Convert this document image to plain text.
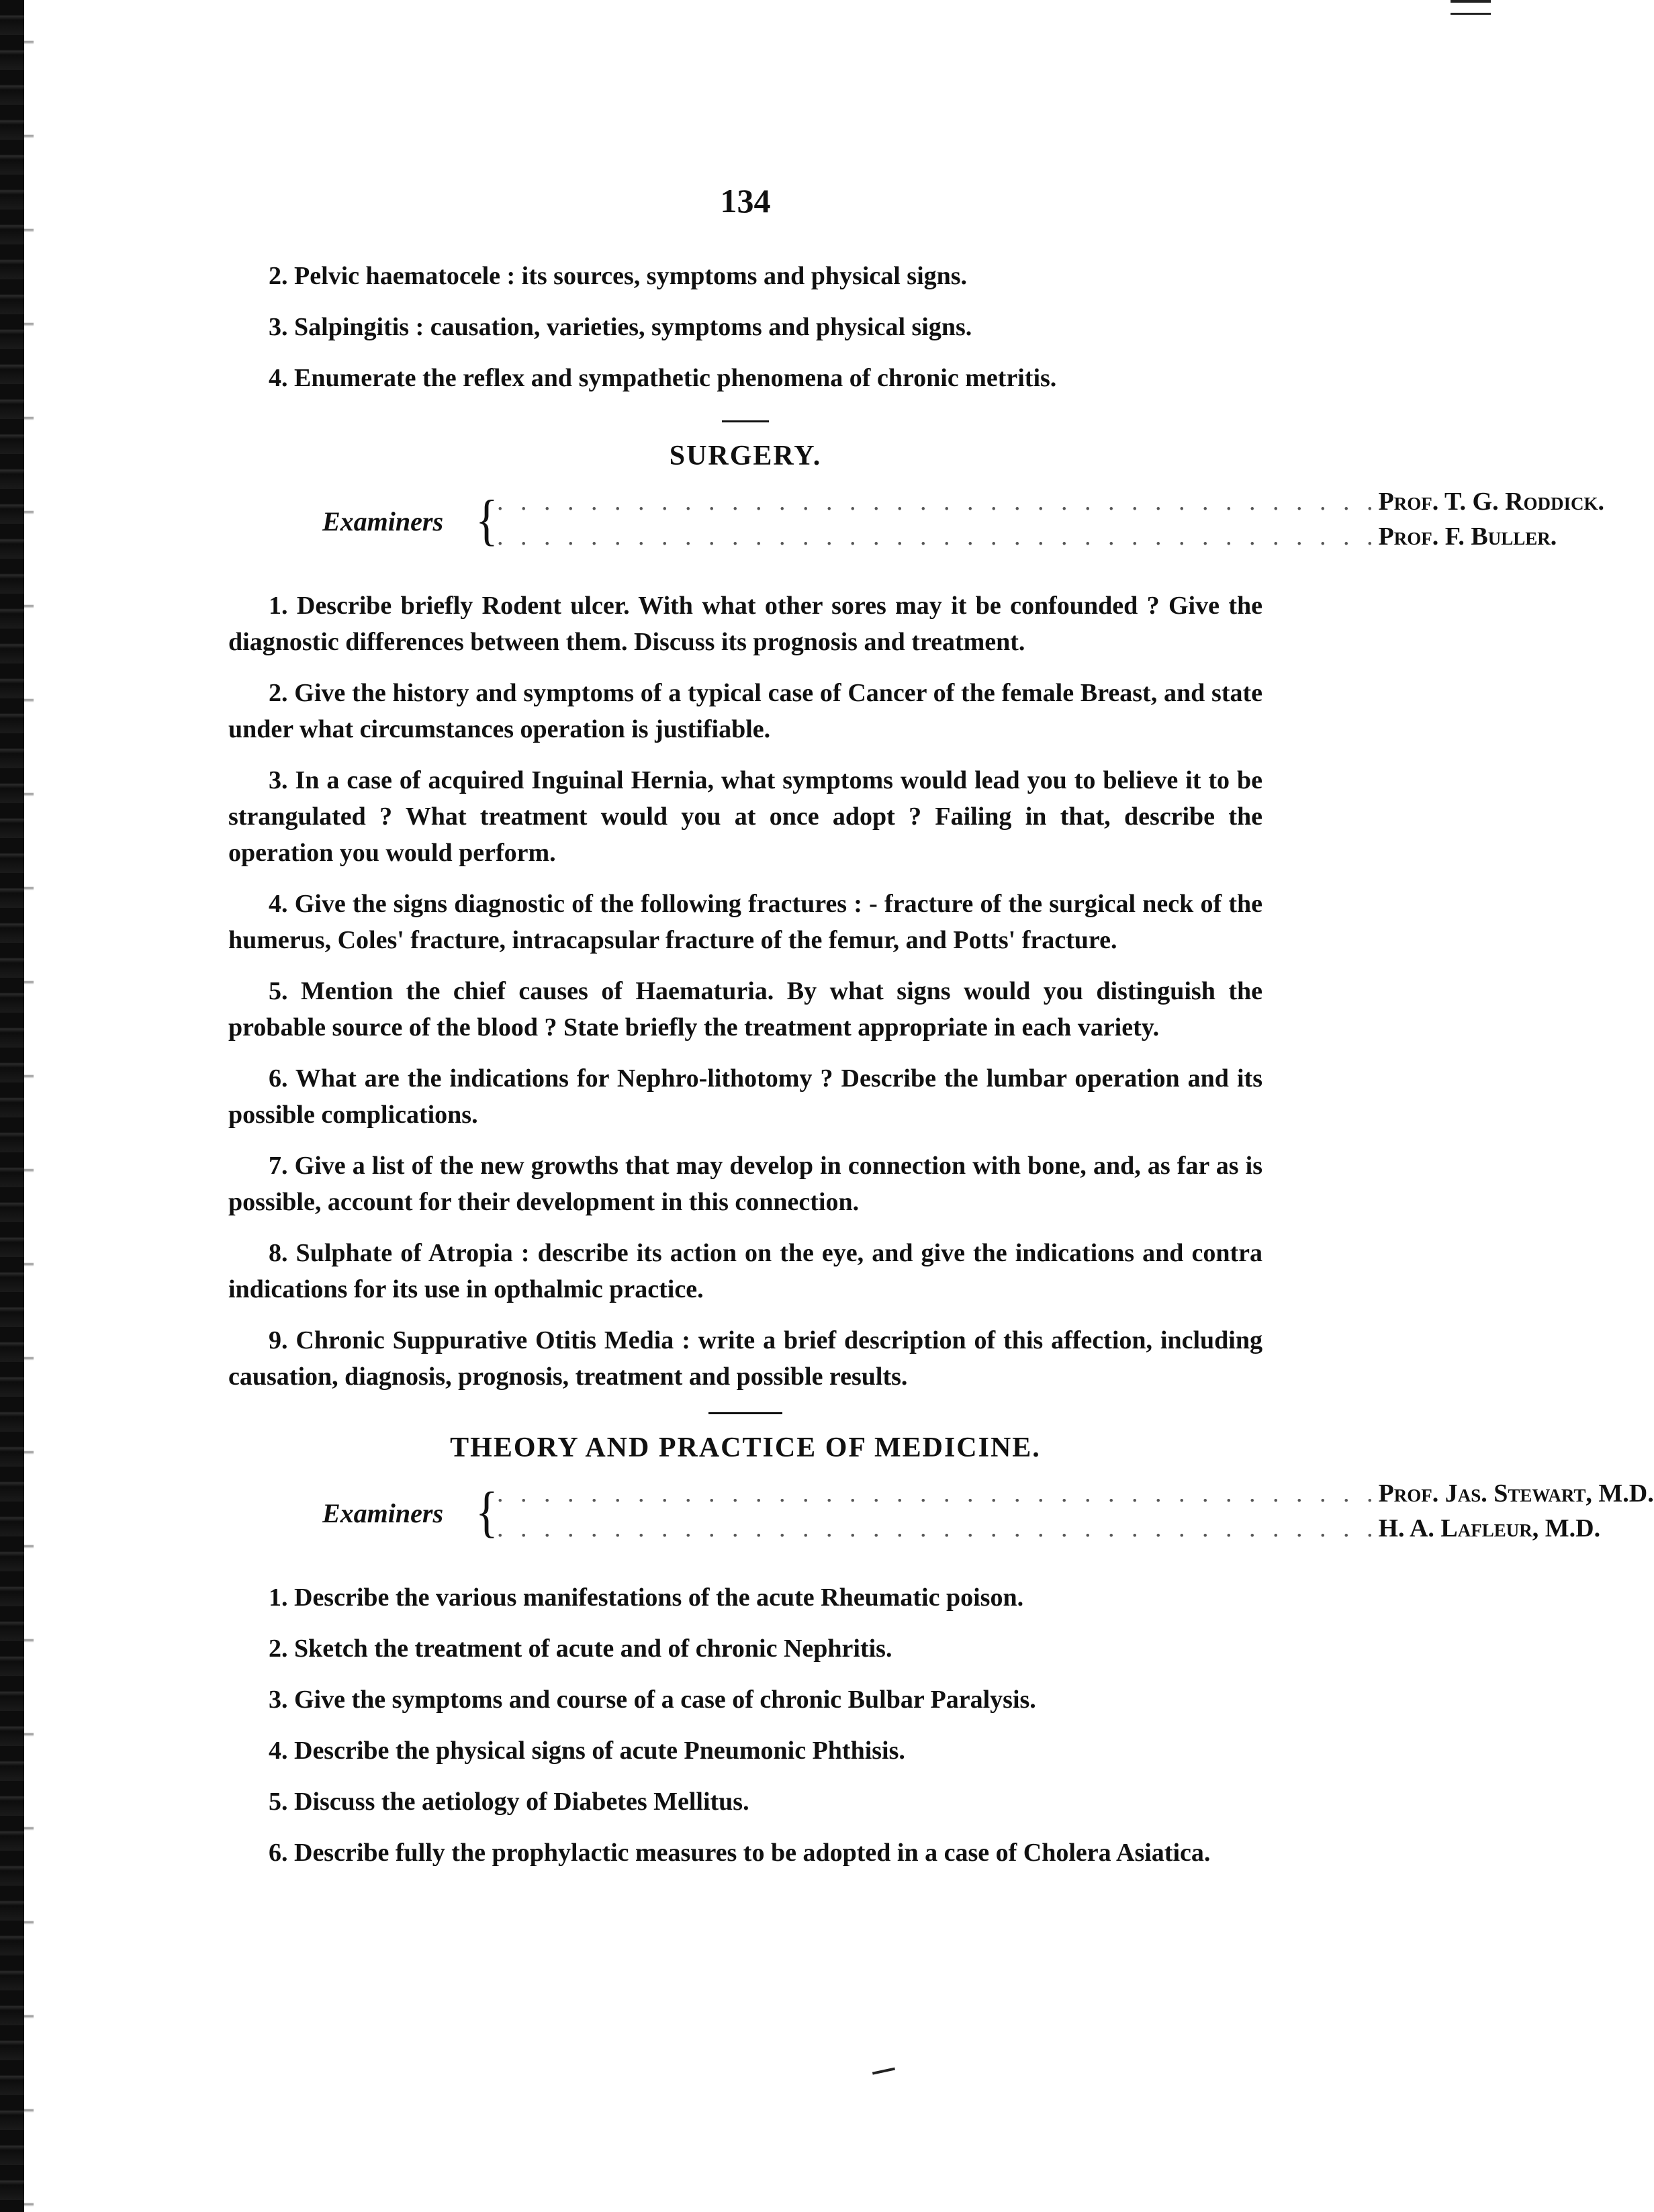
134

2. Pelvic haematocele : its sources, symptoms and physical signs.

3. Salpingitis : causation, varieties, symptoms and physical signs.

4. Enumerate the reflex and sympathetic phenomena of chronic metritis.

SURGERY.
Examiners {
. . . . . . . . . . . . . . . . . . . . . . . . . . . . . . . . . . . . . . Prof. T. G. Roddick.
. . . . . . . . . . . . . . . . . . . . . . . . . . . . . . . . . . . . . . Prof. F. Buller.

1. Describe briefly Rodent ulcer. With what other sores may it be confounded ? Give the diagnostic differences between them. Discuss its prognosis and treatment.

2. Give the history and symptoms of a typical case of Cancer of the female Breast, and state under what circumstances operation is justifiable.

3. In a case of acquired Inguinal Hernia, what symptoms would lead you to believe it to be strangulated ? What treatment would you at once adopt ? Failing in that, describe the operation you would perform.

4. Give the signs diagnostic of the following fractures : - fracture of the surgical neck of the humerus, Coles' fracture, intracapsular fracture of the femur, and Potts' fracture.

5. Mention the chief causes of Haematuria. By what signs would you distinguish the probable source of the blood ? State briefly the treatment appropriate in each variety.

6. What are the indications for Nephro-lithotomy ? Describe the lumbar operation and its possible complications.

7. Give a list of the new growths that may develop in connection with bone, and, as far as is possible, account for their development in this connection.

8. Sulphate of Atropia : describe its action on the eye, and give the indications and contra indications for its use in opthalmic practice.

9. Chronic Suppurative Otitis Media : write a brief description of this affection, including causation, diagnosis, prognosis, treatment and possible results.

THEORY AND PRACTICE OF MEDICINE.
Examiners {
. . . . . . . . . . . . . . . . . . . . . . . . . . . . . . . . . . . . . . Prof. Jas. Stewart, M.D.
. . . . . . . . . . . . . . . . . . . . . . . . . . . . . . . . . . . . . . H. A. Lafleur, M.D.

1. Describe the various manifestations of the acute Rheumatic poison.

2. Sketch the treatment of acute and of chronic Nephritis.

3. Give the symptoms and course of a case of chronic Bulbar Paralysis.

4. Describe the physical signs of acute Pneumonic Phthisis.

5. Discuss the aetiology of Diabetes Mellitus.

6. Describe fully the prophylactic measures to be adopted in a case of Cholera Asiatica.
